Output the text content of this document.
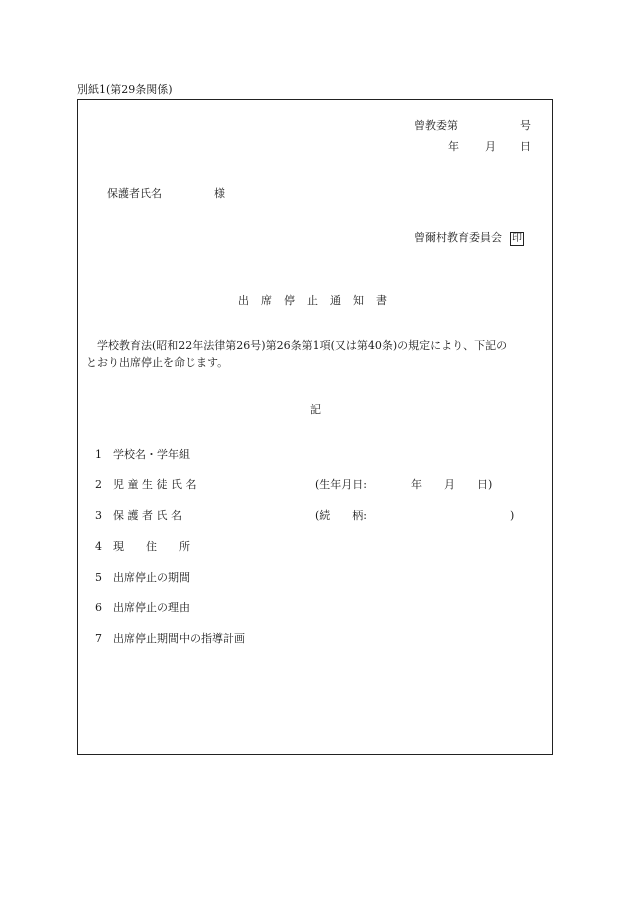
別紙1(第29条関係)
曾教委第	号
年 月 日
保護者氏名	様
曾爾村教育委員会 印
出 席 停 止 通 知 書
学校教育法(昭和22年法律第26号)第26条第1項(又は第40条)の規定により、下記の
とおり出席停止を命じます。
記
1 学校名・学年組
2 児 童 生 徒 氏 名	(生年月日:　　　　年　　月　　日)
3 保 護 者 氏 名	(続　　柄:　　　　　　　　　　　　　)
4 現　　住　　所
5 出席停止の期間
6 出席停止の理由
7 出席停止期間中の指導計画
